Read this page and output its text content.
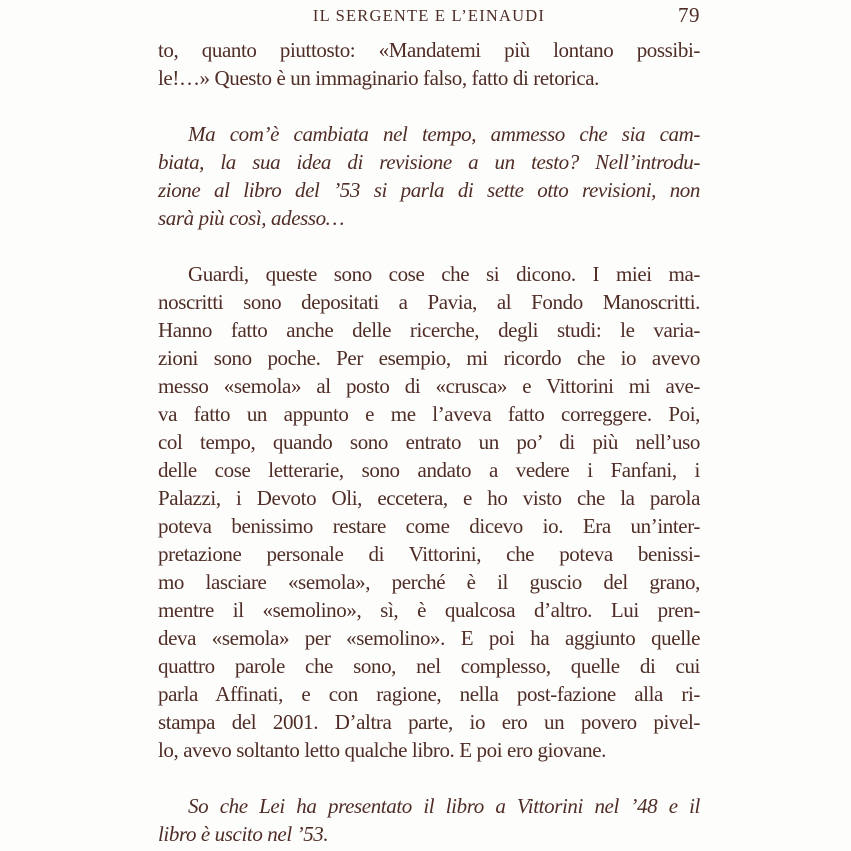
IL SERGENTE E L’EINAUDI	79
to, quanto piuttosto: «Mandatemi più lontano possibi-
le!…» Questo è un immaginario falso, fatto di retorica.
Ma com’è cambiata nel tempo, ammesso che sia cam-
biata, la sua idea di revisione a un testo? Nell’introdu-
zione al libro del ’53 si parla di sette otto revisioni, non
sarà più così, adesso…
Guardi, queste sono cose che si dicono. I miei ma-
noscritti sono depositati a Pavia, al Fondo Manoscritti.
Hanno fatto anche delle ricerche, degli studi: le varia-
zioni sono poche. Per esempio, mi ricordo che io avevo
messo «semola» al posto di «crusca» e Vittorini mi ave-
va fatto un appunto e me l’aveva fatto correggere. Poi,
col tempo, quando sono entrato un po’ di più nell’uso
delle cose letterarie, sono andato a vedere i Fanfani, i
Palazzi, i Devoto Oli, eccetera, e ho visto che la parola
poteva benissimo restare come dicevo io. Era un’inter-
pretazione personale di Vittorini, che poteva benissi-
mo lasciare «semola», perché è il guscio del grano,
mentre il «semolino», sì, è qualcosa d’altro. Lui pren-
deva «semola» per «semolino». E poi ha aggiunto quelle
quattro parole che sono, nel complesso, quelle di cui
parla Affinati, e con ragione, nella post-fazione alla ri-
stampa del 2001. D’altra parte, io ero un povero pivel-
lo, avevo soltanto letto qualche libro. E poi ero giovane.
So che Lei ha presentato il libro a Vittorini nel ’48 e il
libro è uscito nel ’53.
